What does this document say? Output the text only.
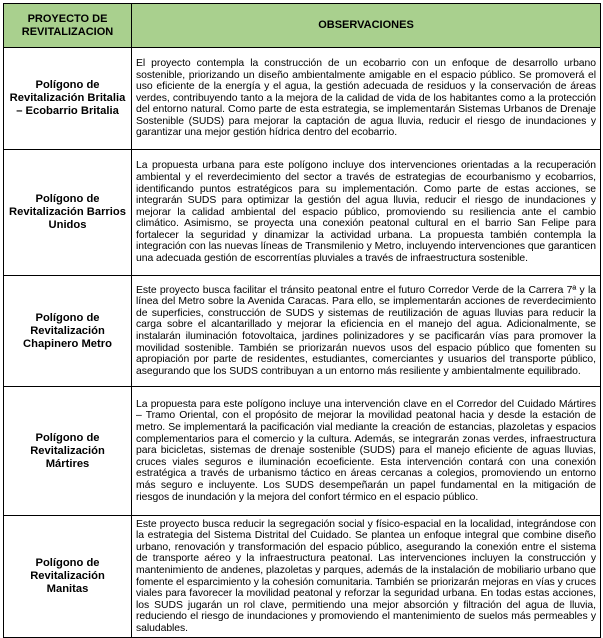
PROYECTO DE REVITALIZACION	OBSERVACIONES
Polígono de Revitalización Britalia – Ecobarrio Britalia	El proyecto contempla la construcción de un ecobarrio con un enfoque de desarrollo urbano sostenible, priorizando un diseño ambientalmente amigable en el espacio público. Se promoverá el uso eficiente de la energía y el agua, la gestión adecuada de residuos y la conservación de áreas verdes, contribuyendo tanto a la mejora de la calidad de vida de los habitantes como a la protección del entorno natural. Como parte de esta estrategia, se implementarán Sistemas Urbanos de Drenaje Sostenible (SUDS) para mejorar la captación de agua lluvia, reducir el riesgo de inundaciones y garantizar una mejor gestión hídrica dentro del ecobarrio.
Polígono de Revitalización Barrios Unidos	La propuesta urbana para este polígono incluye dos intervenciones orientadas a la recuperación ambiental y el reverdecimiento del sector a través de estrategias de ecourbanismo y ecobarrios, identificando puntos estratégicos para su implementación. Como parte de estas acciones, se integrarán SUDS para optimizar la gestión del agua lluvia, reducir el riesgo de inundaciones y mejorar la calidad ambiental del espacio público, promoviendo su resiliencia ante el cambio climático. Asimismo, se proyecta una conexión peatonal cultural en el barrio San Felipe para fortalecer la seguridad y dinamizar la actividad urbana. La propuesta también contempla la integración con las nuevas líneas de Transmilenio y Metro, incluyendo intervenciones que garanticen una adecuada gestión de escorrentías pluviales a través de infraestructura sostenible.
Polígono de Revitalización Chapinero Metro	Este proyecto busca facilitar el tránsito peatonal entre el futuro Corredor Verde de la Carrera 7ª y la línea del Metro sobre la Avenida Caracas. Para ello, se implementarán acciones de reverdecimiento de superficies, construcción de SUDS y sistemas de reutilización de aguas lluvias para reducir la carga sobre el alcantarillado y mejorar la eficiencia en el manejo del agua. Adicionalmente, se instalarán iluminación fotovoltaica, jardines polinizadores y se pacificarán vías para promover la movilidad sostenible. También se priorizarán nuevos usos del espacio público que fomenten su apropiación por parte de residentes, estudiantes, comerciantes y usuarios del transporte público, asegurando que los SUDS contribuyan a un entorno más resiliente y ambientalmente equilibrado.
Polígono de Revitalización Mártires	La propuesta para este polígono incluye una intervención clave en el Corredor del Cuidado Mártires – Tramo Oriental, con el propósito de mejorar la movilidad peatonal hacia y desde la estación de metro. Se implementará la pacificación vial mediante la creación de estancias, plazoletas y espacios complementarios para el comercio y la cultura. Además, se integrarán zonas verdes, infraestructura para bicicletas, sistemas de drenaje sostenible (SUDS) para el manejo eficiente de aguas lluvias, cruces viales seguros e iluminación ecoeficiente. Esta intervención contará con una conexión estratégica a través de urbanismo táctico en áreas cercanas a colegios, promoviendo un entorno más seguro e incluyente. Los SUDS desempeñarán un papel fundamental en la mitigación de riesgos de inundación y la mejora del confort térmico en el espacio público.
Polígono de Revitalización Manitas	Este proyecto busca reducir la segregación social y físico-espacial en la localidad, integrándose con la estrategia del Sistema Distrital del Cuidado. Se plantea un enfoque integral que combine diseño urbano, renovación y transformación del espacio público, asegurando la conexión entre el sistema de transporte aéreo y la infraestructura peatonal. Las intervenciones incluyen la construcción y mantenimiento de andenes, plazoletas y parques, además de la instalación de mobiliario urbano que fomente el esparcimiento y la cohesión comunitaria. También se priorizarán mejoras en vías y cruces viales para favorecer la movilidad peatonal y reforzar la seguridad urbana. En todas estas acciones, los SUDS jugarán un rol clave, permitiendo una mejor absorción y filtración del agua de lluvia, reduciendo el riesgo de inundaciones y promoviendo el mantenimiento de suelos más permeables y saludables.
